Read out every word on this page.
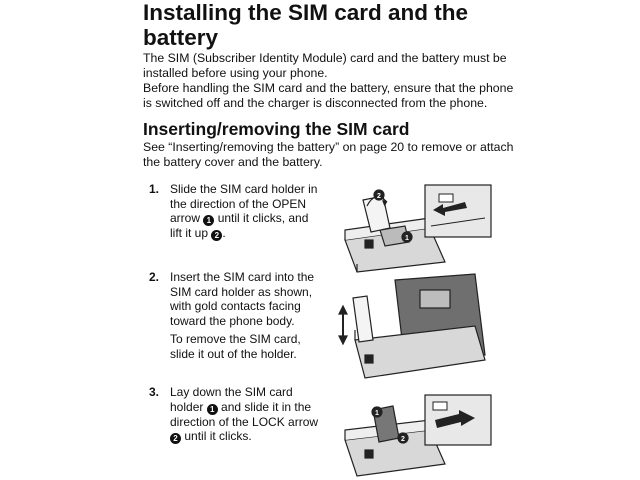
Installing the SIM card and the
battery
The SIM (Subscriber Identity Module) card and the battery must be
installed before using your phone.
Before handling the SIM card and the battery, ensure that the phone
is switched off and the charger is disconnected from the phone.
Inserting/removing the SIM card
See “Inserting/removing the battery” on page 20 to remove or attach
the battery cover and the battery.
1. Slide the SIM card holder in
the direction of the OPEN
arrow 1 until it clicks, and
lift it up 2 .
2. Insert the SIM card into the
SIM card holder as shown,
with gold contacts facing
toward the phone body.
To remove the SIM card,
slide it out of the holder.
3. Lay down the SIM card
holder 1 and slide it in the
direction of the LOCK arrow
2 until it clicks.
2
1
1
2
